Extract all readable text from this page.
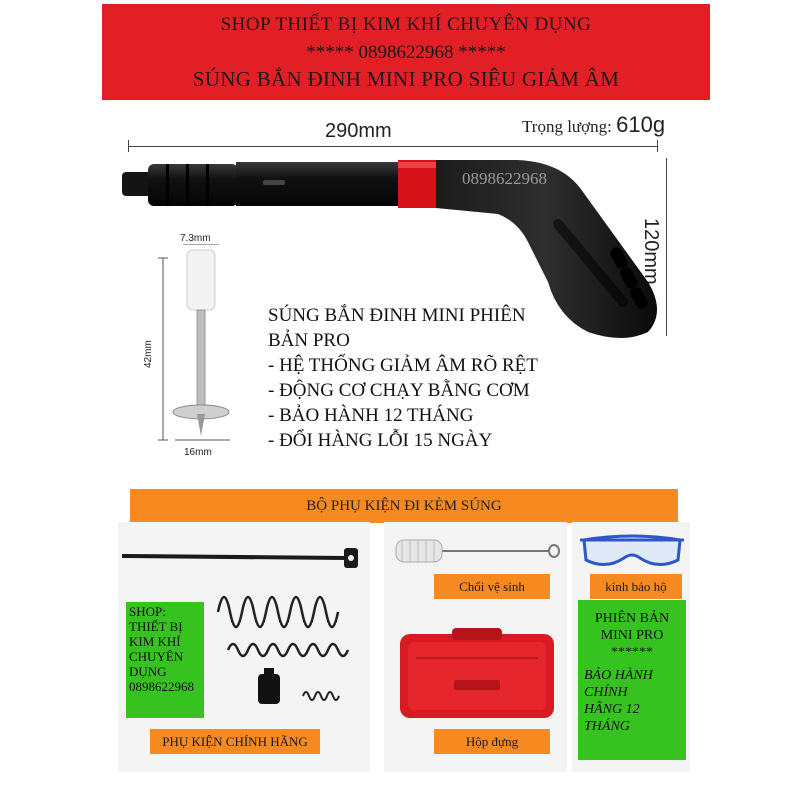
SHOP THIẾT BỊ KIM KHÍ CHUYÊN DỤNG
***** 0898622968 *****
SÚNG BẮN ĐINH MINI PRO SIÊU GIẢM ÂM
Trọng lượng: 610g
290mm
120mm
0898622968
7.3mm
42mm
16mm
SÚNG BẮN ĐINH MINI PHIÊN
BẢN PRO
- HỆ THỐNG GIẢM ÂM RÕ RỆT
- ĐỘNG CƠ CHẠY BẰNG CƠM
- BẢO HÀNH 12 THÁNG
- ĐỔI HÀNG LỖI 15 NGÀY
BỘ PHỤ KIỆN ĐI KÈM SÚNG
SHOP:
THIẾT BỊ
KIM KHÍ
CHUYÊN
DỤNG
0898622968
PHỤ KIỆN CHÍNH HÃNG
Chổi vệ sinh
Hộp đựng
kính bảo hộ
PHIÊN BẢN
MINI PRO
******
BẢO HÀNH
CHÍNH
HÃNG 12
THÁNG
